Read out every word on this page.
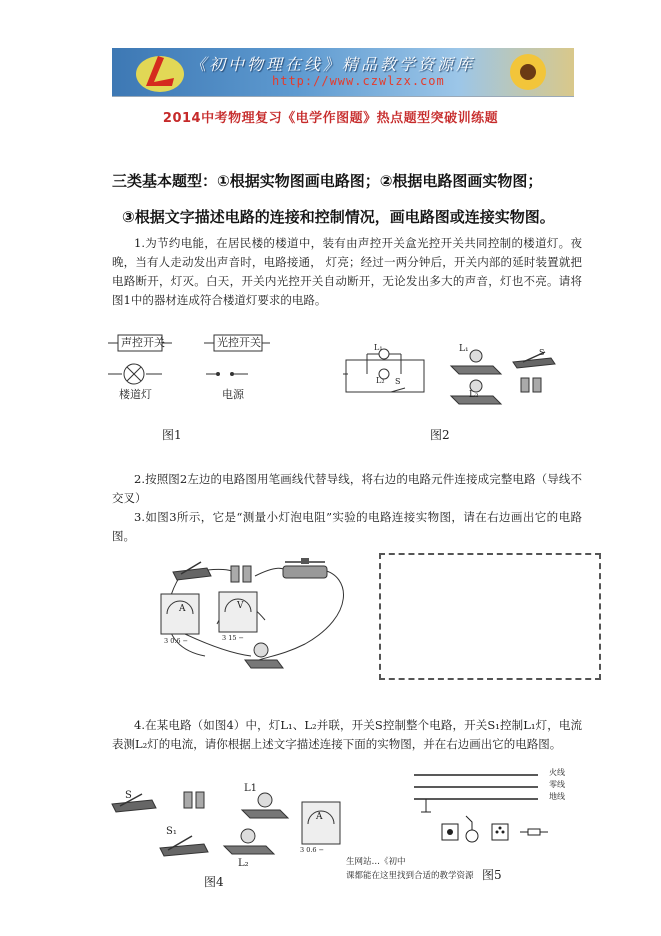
《初中物理在线》精品教学资源库
http://www.czwlzx.com
2014中考物理复习《电学作图题》热点题型突破训练题
三类基本题型：①根据实物图画电路图；②根据电路图画实物图；
③根据文字描述电路的连接和控制情况，画电路图或连接实物图。
1.为节约电能，在居民楼的楼道中，装有由声控开关盒光控开关共同控制的楼道灯。夜晚，当有人走动发出声音时，电路接通， 灯亮；经过一两分钟后，开关内部的延时装置就把电路断开，灯灭。白天，开关内光控开关自动断开，无论发出多大的声音，灯也不亮。请将图1中的器材连成符合楼道灯要求的电路。
声控开关	光控开关
楼道灯	电源
图1
L₁
L₂ S
L₁
L₂
S
图2
2.按照图2左边的电路图用笔画线代替导线，将右边的电路元件连接成完整电路（导线不交叉）
3.如图3所示，它是“测量小灯泡电阻”实验的电路连接实物图，请在右边画出它的电路图。
A	V
3 0.6 −	3 15 −
4.在某电路（如图4）中，灯L₁、L₂并联，开关S控制整个电路，开关S₁控制L₁灯，电流表测L₂灯的电流，请你根据上述文字描述连接下面的实物图，并在右边画出它的电路图。
S
S₁
L1
L₂
A
3 0.6 −
图4
火线
零线
地线
生网站…《初中
课都能在这里找到合适的教学资源 图5
